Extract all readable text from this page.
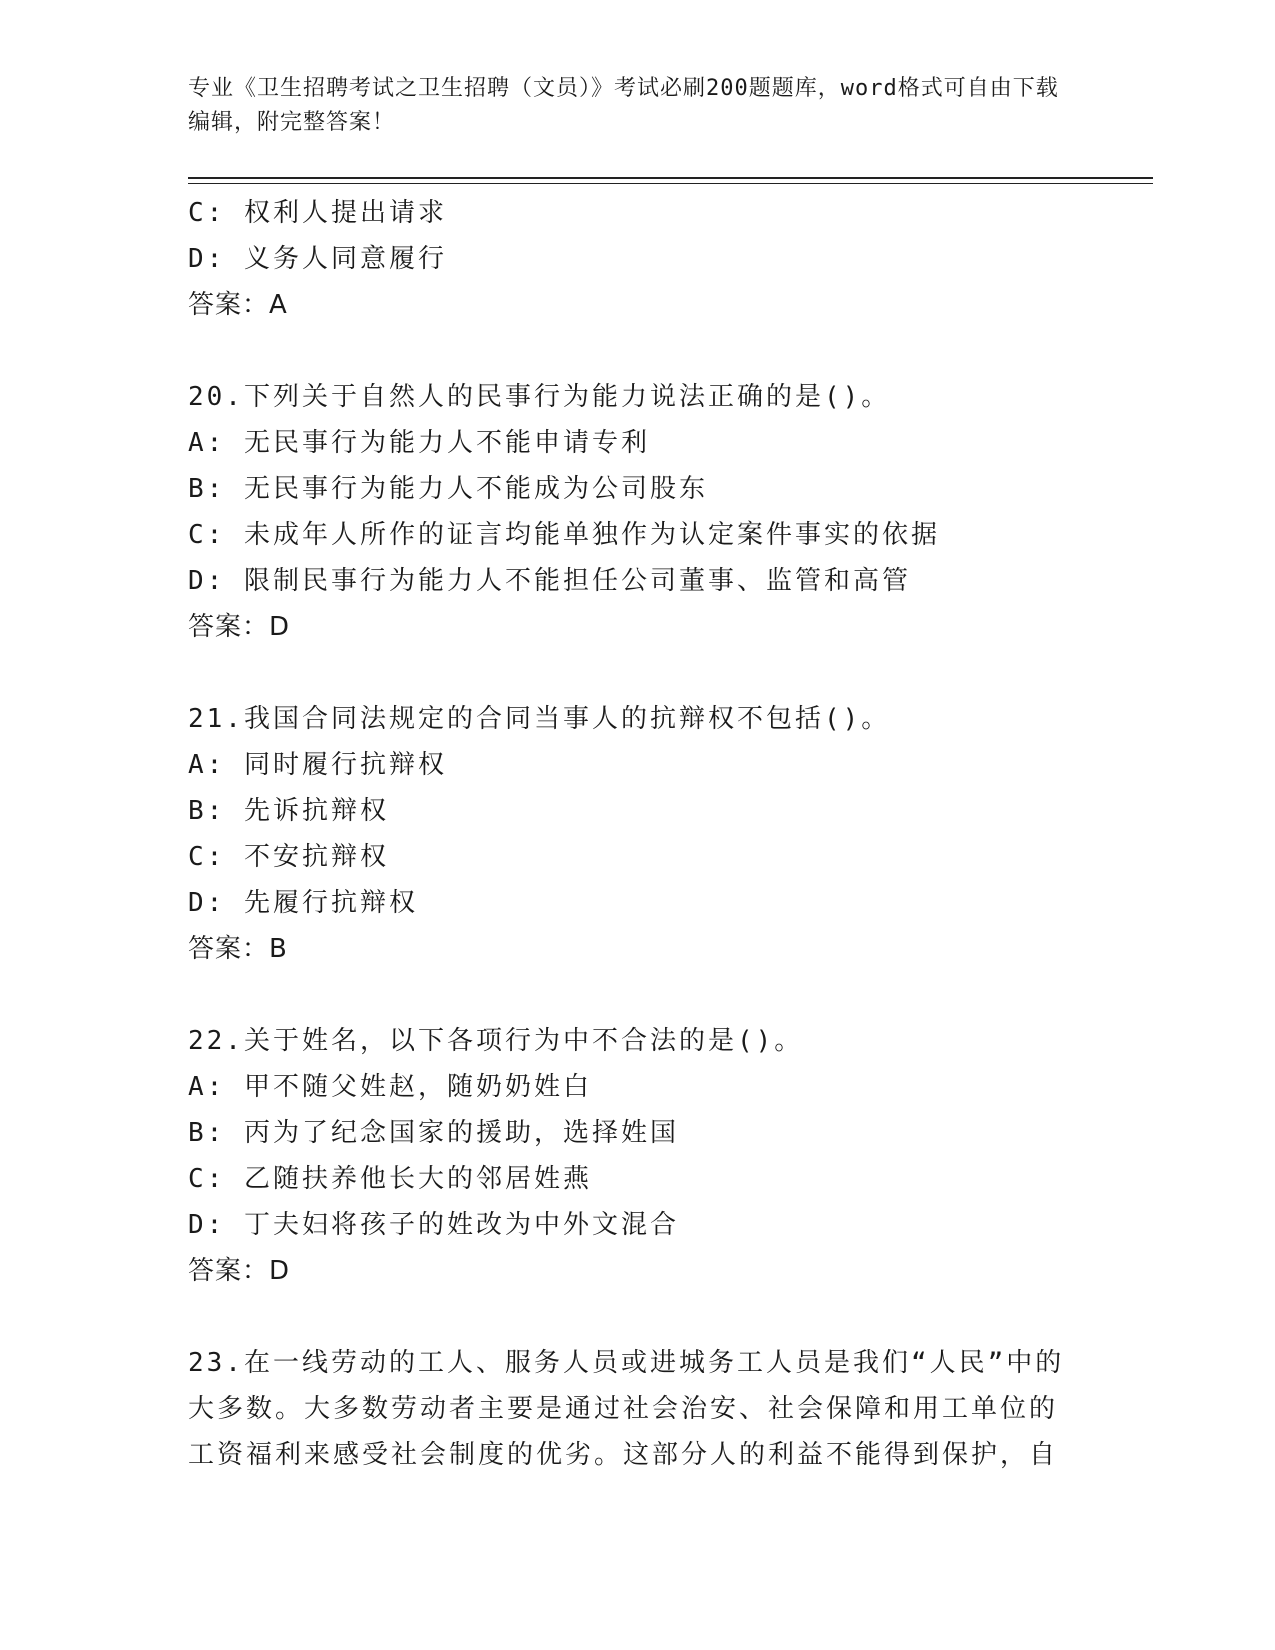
专业《卫生招聘考试之卫生招聘（文员）》考试必刷200题题库，word格式可自由下载编辑，附完整答案！
C: 权利人提出请求
D: 义务人同意履行
答案：A
20.下列关于自然人的民事行为能力说法正确的是()。
A: 无民事行为能力人不能申请专利
B: 无民事行为能力人不能成为公司股东
C: 未成年人所作的证言均能单独作为认定案件事实的依据
D: 限制民事行为能力人不能担任公司董事、监管和高管
答案：D
21.我国合同法规定的合同当事人的抗辩权不包括()。
A: 同时履行抗辩权
B: 先诉抗辩权
C: 不安抗辩权
D: 先履行抗辩权
答案：B
22.关于姓名，以下各项行为中不合法的是()。
A: 甲不随父姓赵，随奶奶姓白
B: 丙为了纪念国家的援助，选择姓国
C: 乙随扶养他长大的邻居姓燕
D: 丁夫妇将孩子的姓改为中外文混合
答案：D
23.在一线劳动的工人、服务人员或进城务工人员是我们“人民”中的大多数。大多数劳动者主要是通过社会治安、社会保障和用工单位的工资福利来感受社会制度的优劣。这部分人的利益不能得到保护，自
